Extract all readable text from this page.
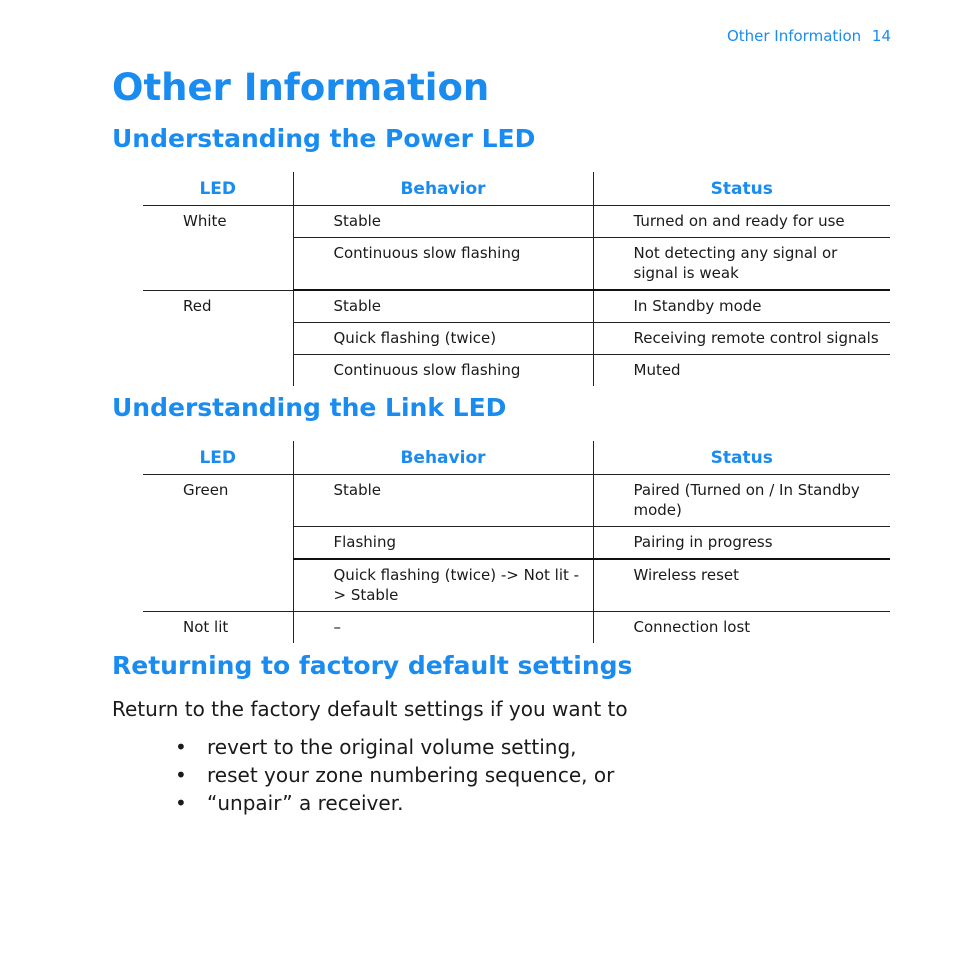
Other Information 14
Other Information
Understanding the Power LED
LED	Behavior	Status
White	Stable	Turned on and ready for use
	Continuous slow flashing	Not detecting any signal or signal is weak
Red	Stable	In Standby mode
	Quick flashing (twice)	Receiving remote control signals
	Continuous slow flashing	Muted
Understanding the Link LED
LED	Behavior	Status
Green	Stable	Paired (Turned on / In Standby mode)
	Flashing	Pairing in progress
	Quick flashing (twice) -> Not lit -> Stable	Wireless reset
Not lit	–	Connection lost
Returning to factory default settings

Return to the factory default settings if you want to

• revert to the original volume setting,
• reset your zone numbering sequence, or
• “unpair” a receiver.
